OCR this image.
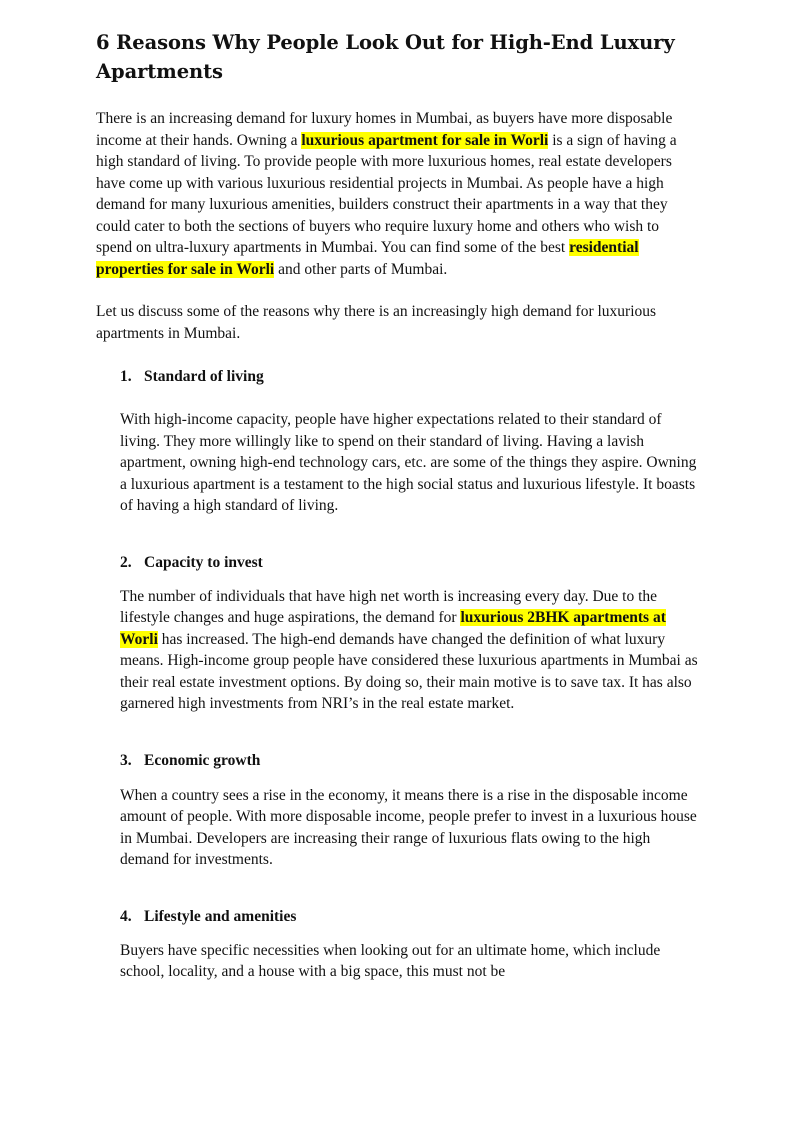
6 Reasons Why People Look Out for High-End Luxury Apartments

There is an increasing demand for luxury homes in Mumbai, as buyers have more disposable income at their hands. Owning a luxurious apartment for sale in Worli is a sign of having a high standard of living. To provide people with more luxurious homes, real estate developers have come up with various luxurious residential projects in Mumbai. As people have a high demand for many luxurious amenities, builders construct their apartments in a way that they could cater to both the sections of buyers who require luxury home and others who wish to spend on ultra-luxury apartments in Mumbai. You can find some of the best residential properties for sale in Worli and other parts of Mumbai.

Let us discuss some of the reasons why there is an increasingly high demand for luxurious apartments in Mumbai.

1. Standard of living

With high-income capacity, people have higher expectations related to their standard of living. They more willingly like to spend on their standard of living. Having a lavish apartment, owning high-end technology cars, etc. are some of the things they aspire. Owning a luxurious apartment is a testament to the high social status and luxurious lifestyle. It boasts of having a high standard of living.

2. Capacity to invest

The number of individuals that have high net worth is increasing every day. Due to the lifestyle changes and huge aspirations, the demand for luxurious 2BHK apartments at Worli has increased. The high-end demands have changed the definition of what luxury means. High-income group people have considered these luxurious apartments in Mumbai as their real estate investment options. By doing so, their main motive is to save tax. It has also garnered high investments from NRI’s in the real estate market.

3. Economic growth

When a country sees a rise in the economy, it means there is a rise in the disposable income amount of people. With more disposable income, people prefer to invest in a luxurious house in Mumbai. Developers are increasing their range of luxurious flats owing to the high demand for investments.

4. Lifestyle and amenities

Buyers have specific necessities when looking out for an ultimate home, which include school, locality, and a house with a big space, this must not be
